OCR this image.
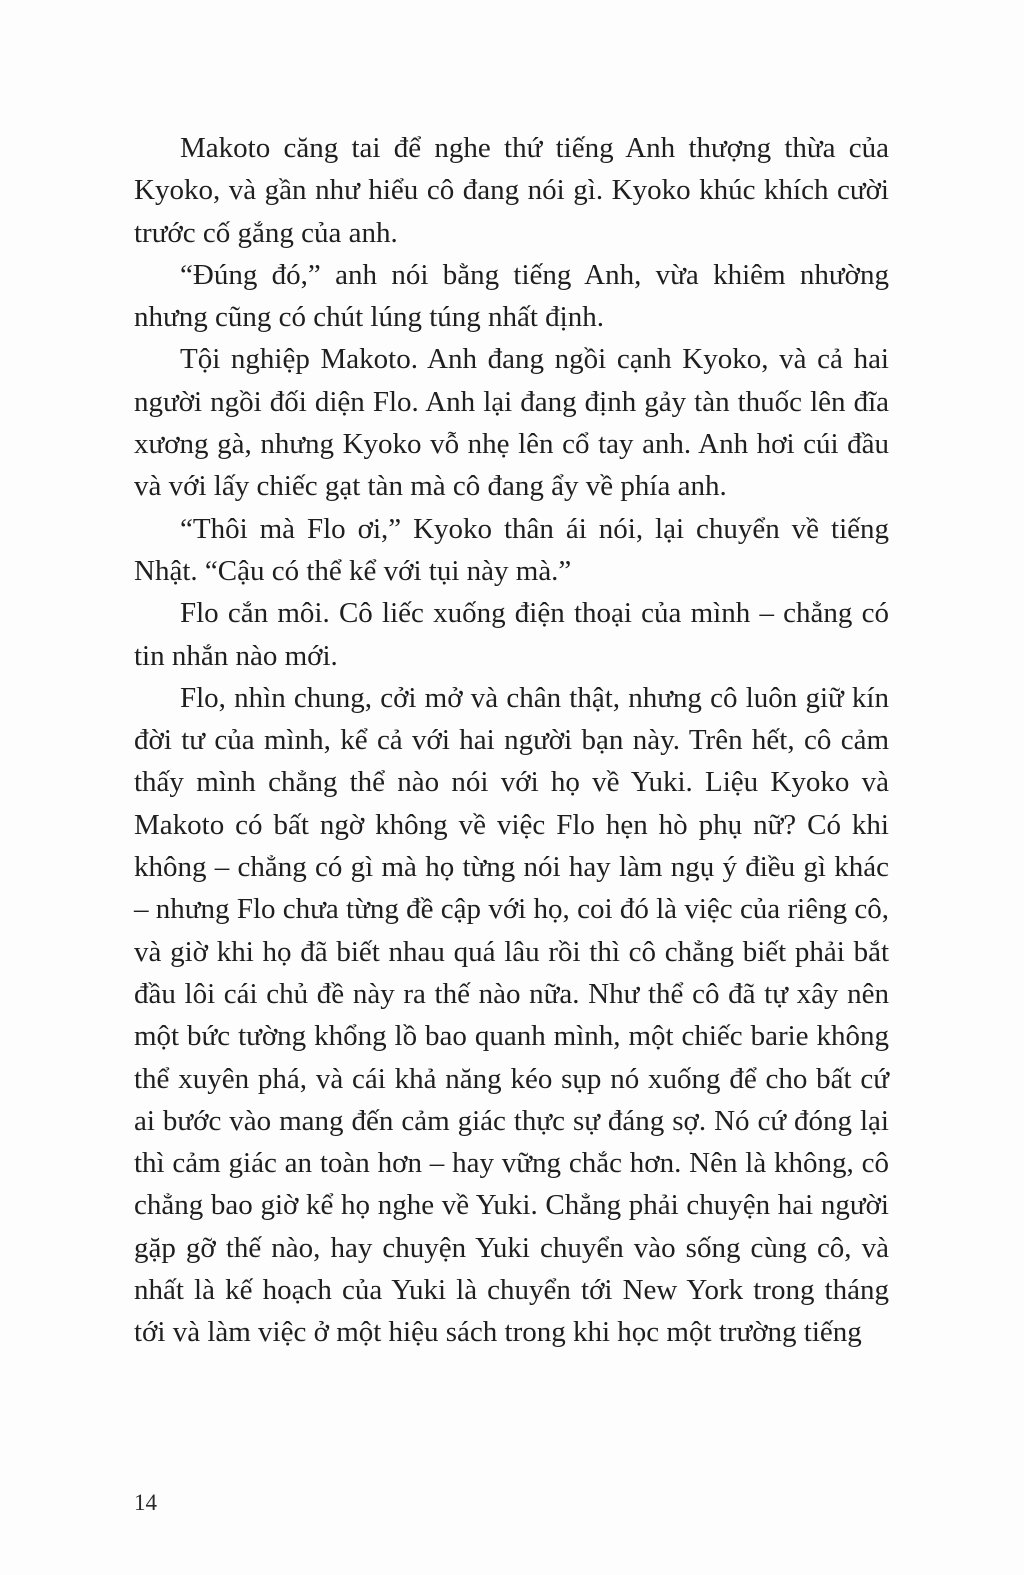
Makoto căng tai để nghe thứ tiếng Anh thượng thừa của Kyoko, và gần như hiểu cô đang nói gì. Kyoko khúc khích cười trước cố gắng của anh.

“Đúng đó,” anh nói bằng tiếng Anh, vừa khiêm nhường nhưng cũng có chút lúng túng nhất định.

Tội nghiệp Makoto. Anh đang ngồi cạnh Kyoko, và cả hai người ngồi đối diện Flo. Anh lại đang định gảy tàn thuốc lên đĩa xương gà, nhưng Kyoko vỗ nhẹ lên cổ tay anh. Anh hơi cúi đầu và với lấy chiếc gạt tàn mà cô đang ẩy về phía anh.

“Thôi mà Flo ơi,” Kyoko thân ái nói, lại chuyển về tiếng Nhật. “Cậu có thể kể với tụi này mà.”

Flo cắn môi. Cô liếc xuống điện thoại của mình – chẳng có tin nhắn nào mới.

Flo, nhìn chung, cởi mở và chân thật, nhưng cô luôn giữ kín đời tư của mình, kể cả với hai người bạn này. Trên hết, cô cảm thấy mình chẳng thể nào nói với họ về Yuki. Liệu Kyoko và Makoto có bất ngờ không về việc Flo hẹn hò phụ nữ? Có khi không – chẳng có gì mà họ từng nói hay làm ngụ ý điều gì khác – nhưng Flo chưa từng đề cập với họ, coi đó là việc của riêng cô, và giờ khi họ đã biết nhau quá lâu rồi thì cô chẳng biết phải bắt đầu lôi cái chủ đề này ra thế nào nữa. Như thể cô đã tự xây nên một bức tường khổng lồ bao quanh mình, một chiếc barie không thể xuyên phá, và cái khả năng kéo sụp nó xuống để cho bất cứ ai bước vào mang đến cảm giác thực sự đáng sợ. Nó cứ đóng lại thì cảm giác an toàn hơn – hay vững chắc hơn. Nên là không, cô chẳng bao giờ kể họ nghe về Yuki. Chẳng phải chuyện hai người gặp gỡ thế nào, hay chuyện Yuki chuyển vào sống cùng cô, và nhất là kế hoạch của Yuki là chuyển tới New York trong tháng tới và làm việc ở một hiệu sách trong khi học một trường tiếng

14
